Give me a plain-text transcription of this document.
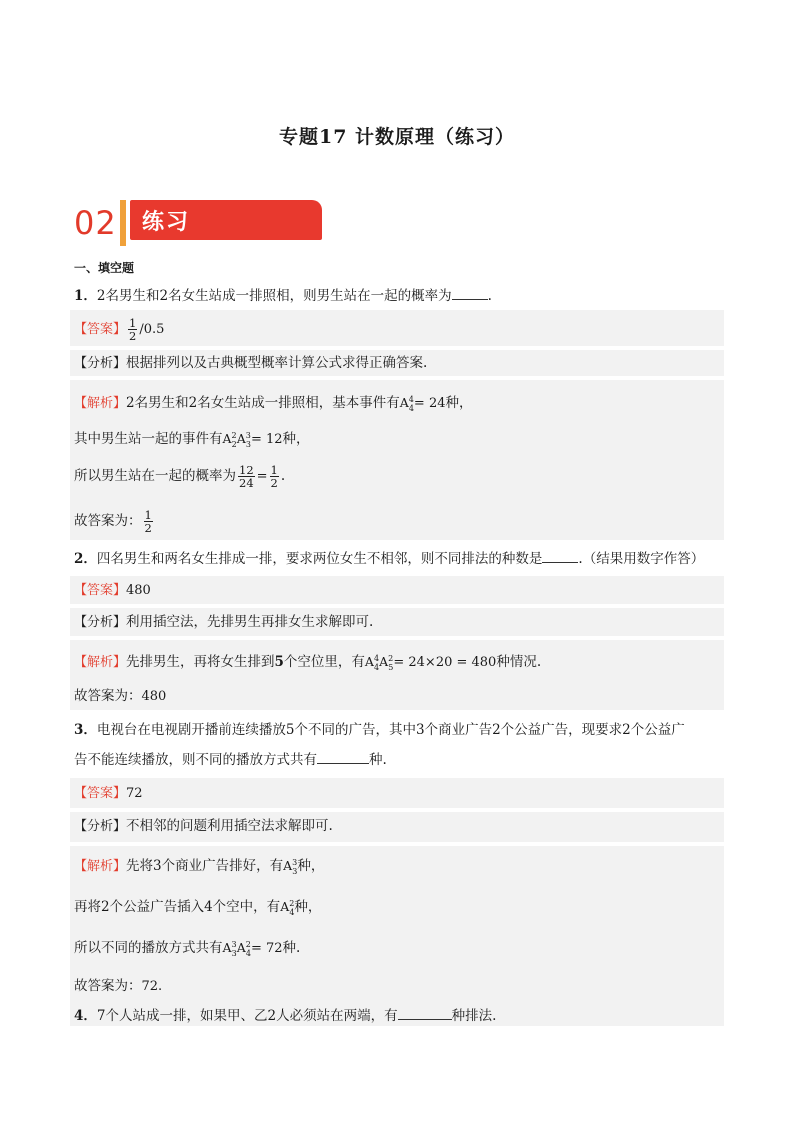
专题17 计数原理（练习）
02 练习
一、填空题
1．2名男生和2名女生站成一排照相，则男生站在一起的概率为	.
【答案】 $\frac{1}{2} /0.5$
【分析】根据排列以及古典概型概率计算公式求得正确答案.
【解析】2名男生和2名女生站成一排照相，基本事件有$A^4_4= 24$种，
其中男生站一起的事件有$A^2_2A^3_3= 12$种，
所以男生站在一起的概率为 $\frac{12}{24} = \frac{1}{2}$ .
故答案为： $\frac{1}{2}$
2．四名男生和两名女生排成一排，要求两位女生不相邻，则不同排法的种数是	.（结果用数字作答）
【答案】480
【分析】利用插空法，先排男生再排女生求解即可.
【解析】先排男生，再将女生排到5个空位里，有$A^4_4A^2_5= 24\times 20 = 480$种情况.
故答案为：480
3．电视台在电视剧开播前连续播放5个不同的广告，其中3个商业广告2个公益广告，现要求2个公益广
告不能连续播放，则不同的播放方式共有	种.
【答案】72
【分析】不相邻的问题利用插空法求解即可.
【解析】先将3个商业广告排好，有$A^3_3$种，
再将2个公益广告插入4个空中，有$A^2_4$种，
所以不同的播放方式共有$A^3_3A^2_4= 72$种.
故答案为：72.
4．7个人站成一排，如果甲、乙2人必须站在两端，有	种排法.
